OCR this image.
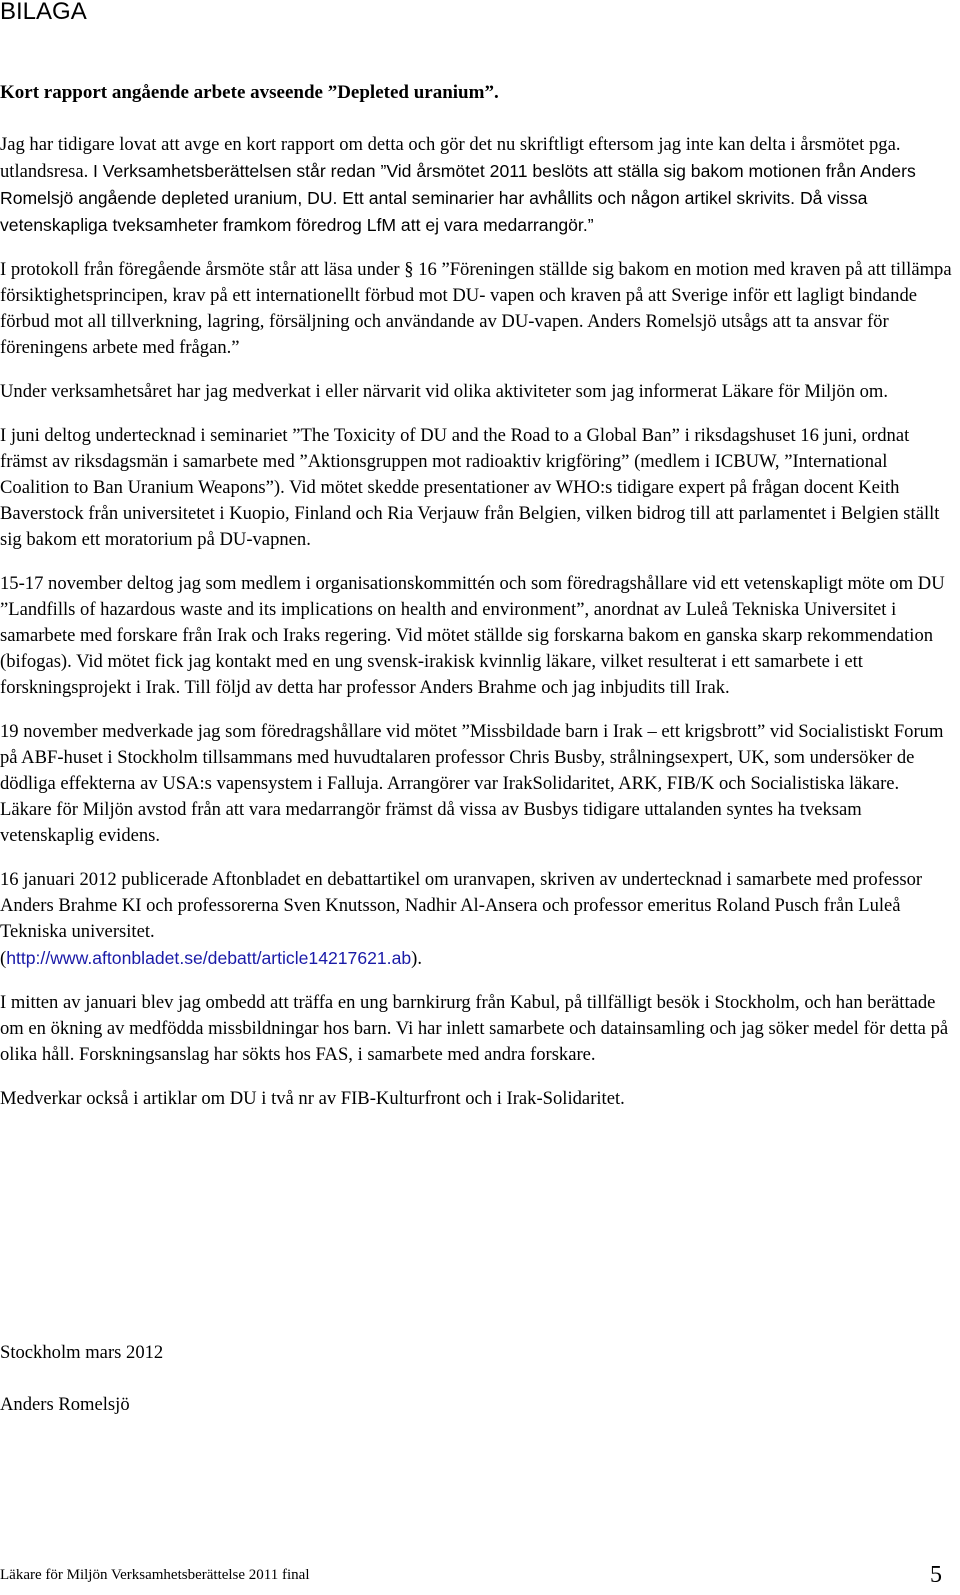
BILAGA
Kort rapport angående arbete avseende ”Depleted uranium”.

Jag har tidigare lovat att avge en kort rapport om detta och gör det nu skriftligt eftersom jag inte kan delta i årsmötet pga. utlandsresa. I Verksamhetsberättelsen står redan ”Vid årsmötet 2011 beslöts att ställa sig bakom motionen från Anders Romelsjö angående depleted uranium, DU. Ett antal seminarier har avhållits och någon artikel skrivits. Då vissa vetenskapliga tveksamheter framkom föredrog LfM att ej vara medarrangör.”

I protokoll från föregående årsmöte står att läsa under § 16 ”Föreningen ställde sig bakom en motion med kraven på att tillämpa försiktighetsprincipen, krav på ett internationellt förbud mot DU- vapen och kraven på att Sverige inför ett lagligt bindande förbud mot all tillverkning, lagring, försäljning och användande av DU-vapen. Anders Romelsjö utsågs att ta ansvar för föreningens arbete med frågan.”

Under verksamhetsåret har jag medverkat i eller närvarit vid olika aktiviteter som jag informerat Läkare för Miljön om.

I juni deltog undertecknad i seminariet ”The Toxicity of DU and the Road to a Global Ban” i riksdagshuset 16 juni, ordnat främst av riksdagsmän i samarbete med ”Aktionsgruppen mot radioaktiv krigföring” (medlem i ICBUW, ”International Coalition to Ban Uranium Weapons”). Vid mötet skedde presentationer av WHO:s tidigare expert på frågan docent Keith Baverstock från universitetet i Kuopio, Finland och Ria Verjauw från Belgien, vilken bidrog till att parlamentet i Belgien ställt sig bakom ett moratorium på DU-vapnen.

15-17 november deltog jag som medlem i organisationskommittén och som föredragshållare vid ett vetenskapligt möte om DU ”Landfills of hazardous waste and its implications on health and environment”, anordnat av Luleå Tekniska Universitet i samarbete med forskare från Irak och Iraks regering. Vid mötet ställde sig forskarna bakom en ganska skarp rekommendation (bifogas). Vid mötet fick jag kontakt med en ung svensk-irakisk kvinnlig läkare, vilket resulterat i ett samarbete i ett forskningsprojekt i Irak. Till följd av detta har professor Anders Brahme och jag inbjudits till Irak.

19 november medverkade jag som föredragshållare vid mötet ”Missbildade barn i Irak – ett krigsbrott” vid Socialistiskt Forum på ABF-huset i Stockholm tillsammans med huvudtalaren professor Chris Busby, strålningsexpert, UK, som undersöker de dödliga effekterna av USA:s vapensystem i Falluja. Arrangörer var IrakSolidaritet, ARK, FIB/K och Socialistiska läkare. Läkare för Miljön avstod från att vara medarrangör främst då vissa av Busbys tidigare uttalanden syntes ha tveksam vetenskaplig evidens.

16 januari 2012 publicerade Aftonbladet en debattartikel om uranvapen, skriven av undertecknad i samarbete med professor Anders Brahme KI och professorerna Sven Knutsson, Nadhir Al-Ansera och professor emeritus Roland Pusch från Luleå Tekniska universitet.
(http://www.aftonbladet.se/debatt/article14217621.ab).

I mitten av januari blev jag ombedd att träffa en ung barnkirurg från Kabul, på tillfälligt besök i Stockholm, och han berättade om en ökning av medfödda missbildningar hos barn. Vi har inlett samarbete och datainsamling och jag söker medel för detta på olika håll. Forskningsanslag har sökts hos FAS, i samarbete med andra forskare.

Medverkar också i artiklar om DU i två nr av FIB-Kulturfront och i Irak-Solidaritet.

Stockholm mars 2012

Anders Romelsjö

Läkare för Miljön Verksamhetsberättelse 2011 final	5
